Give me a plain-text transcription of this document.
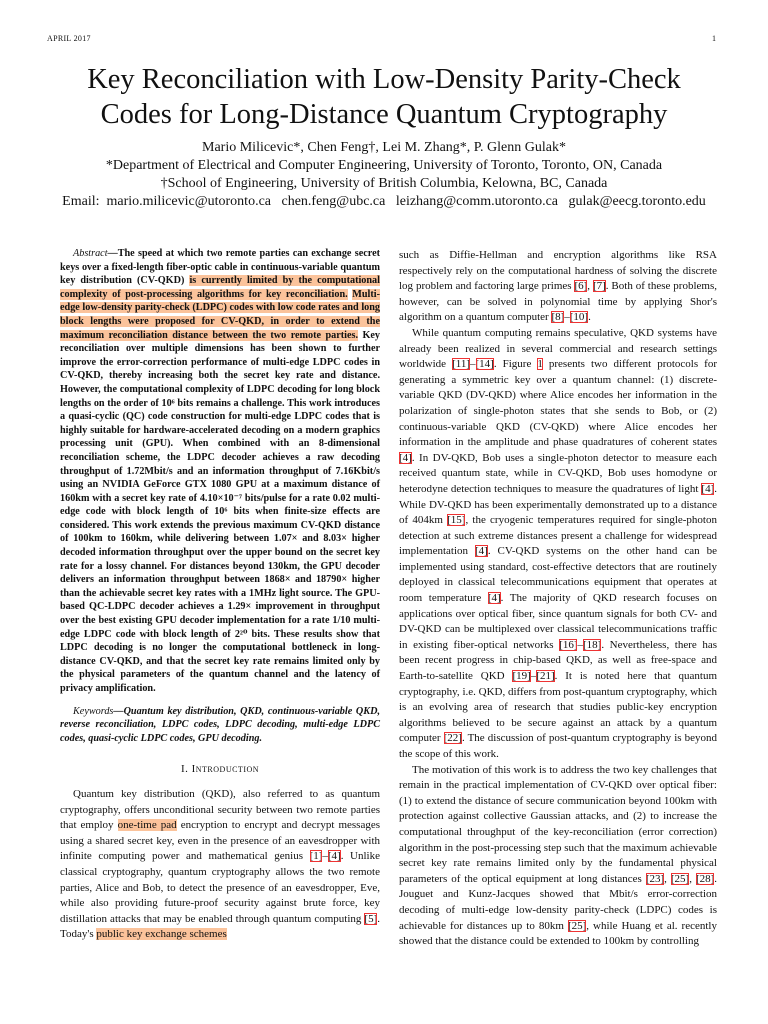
APRIL 2017	1
Key Reconciliation with Low-Density Parity-Check
Codes for Long-Distance Quantum Cryptography
Mario Milicevic*, Chen Feng†, Lei M. Zhang*, P. Glenn Gulak*
*Department of Electrical and Computer Engineering, University of Toronto, Toronto, ON, Canada
†School of Engineering, University of British Columbia, Kelowna, BC, Canada
Email:  mario.milicevic@utoronto.ca   chen.feng@ubc.ca   leizhang@comm.utoronto.ca   gulak@eecg.toronto.edu

Abstract—The speed at which two remote parties can exchange secret keys over a fixed-length fiber-optic cable in continuous-variable quantum key distribution (CV-QKD) is currently limited by the computational complexity of post-processing algorithms for key reconciliation. Multi-edge low-density parity-check (LDPC) codes with low code rates and long block lengths were proposed for CV-QKD, in order to extend the maximum reconciliation distance between the two remote parties. Key reconciliation over multiple dimensions has been shown to further improve the error-correction performance of multi-edge LDPC codes in CV-QKD, thereby increasing both the secret key rate and distance. However, the computational complexity of LDPC decoding for long block lengths on the order of 10⁶ bits remains a challenge. This work introduces a quasi-cyclic (QC) code construction for multi-edge LDPC codes that is highly suitable for hardware-accelerated decoding on a modern graphics processing unit (GPU). When combined with an 8-dimensional reconciliation scheme, the LDPC decoder achieves a raw decoding throughput of 1.72Mbit/s and an information throughput of 7.16Kbit/s using an NVIDIA GeForce GTX 1080 GPU at a maximum distance of 160km with a secret key rate of 4.10×10⁻⁷ bits/pulse for a rate 0.02 multi-edge code with block length of 10⁶ bits when finite-size effects are considered. This work extends the previous maximum CV-QKD distance of 100km to 160km, while delivering between 1.07× and 8.03× higher decoded information throughput over the upper bound on the secret key rate for a lossy channel. For distances beyond 130km, the GPU decoder delivers an information throughput between 1868× and 18790× higher than the achievable secret key rates with a 1MHz light source. The GPU-based QC-LDPC decoder achieves a 1.29× improvement in throughput over the best existing GPU decoder implementation for a rate 1/10 multi-edge LDPC code with block length of 2²⁰ bits. These results show that LDPC decoding is no longer the computational bottleneck in long-distance CV-QKD, and that the secret key rate remains limited only by the physical parameters of the quantum channel and the latency of privacy amplification.

Keywords—Quantum key distribution, QKD, continuous-variable QKD, reverse reconciliation, LDPC codes, LDPC decoding, multi-edge LDPC codes, quasi-cyclic LDPC codes, GPU decoding.

I. Introduction

Quantum key distribution (QKD), also referred to as quantum cryptography, offers unconditional security between two remote parties that employ one-time pad encryption to encrypt and decrypt messages using a shared secret key, even in the presence of an eavesdropper with infinite computing power and mathematical genius [1]–[4]. Unlike classical cryptography, quantum cryptography allows the two remote parties, Alice and Bob, to detect the presence of an eavesdropper, Eve, while also providing future-proof security against brute force, key distillation attacks that may be enabled through quantum computing [5]. Today's public key exchange schemes

such as Diffie-Hellman and encryption algorithms like RSA respectively rely on the computational hardness of solving the discrete log problem and factoring large primes [6], [7]. Both of these problems, however, can be solved in polynomial time by applying Shor's algorithm on a quantum computer [8]–[10].

While quantum computing remains speculative, QKD systems have already been realized in several commercial and research settings worldwide [11]–[14]. Figure 1 presents two different protocols for generating a symmetric key over a quantum channel: (1) discrete-variable QKD (DV-QKD) where Alice encodes her information in the polarization of single-photon states that she sends to Bob, or (2) continuous-variable QKD (CV-QKD) where Alice encodes her information in the amplitude and phase quadratures of coherent states [4]. In DV-QKD, Bob uses a single-photon detector to measure each received quantum state, while in CV-QKD, Bob uses homodyne or heterodyne detection techniques to measure the quadratures of light [4]. While DV-QKD has been experimentally demonstrated up to a distance of 404km [15], the cryogenic temperatures required for single-photon detection at such extreme distances present a challenge for widespread implementation [4]. CV-QKD systems on the other hand can be implemented using standard, cost-effective detectors that are routinely deployed in classical telecommunications equipment that operates at room temperature [4]. The majority of QKD research focuses on applications over optical fiber, since quantum signals for both CV- and DV-QKD can be multiplexed over classical telecommunications traffic in existing fiber-optical networks [16]–[18]. Nevertheless, there has been recent progress in chip-based QKD, as well as free-space and Earth-to-satellite QKD [19]–[21]. It is noted here that quantum cryptography, i.e. QKD, differs from post-quantum cryptography, which is an evolving area of research that studies public-key encryption algorithms believed to be secure against an attack by a quantum computer [22]. The discussion of post-quantum cryptography is beyond the scope of this work.

The motivation of this work is to address the two key challenges that remain in the practical implementation of CV-QKD over optical fiber: (1) to extend the distance of secure communication beyond 100km with protection against collective Gaussian attacks, and (2) to increase the computational throughput of the key-reconciliation (error correction) algorithm in the post-processing step such that the maximum achievable secret key rate remains limited only by the fundamental physical parameters of the optical equipment at long distances [23], [25], [28]. Jouguet and Kunz-Jacques showed that Mbit/s error-correction decoding of multi-edge low-density parity-check (LDPC) codes is achievable for distances up to 80km [25], while Huang et al. recently showed that the distance could be extended to 100km by controlling
